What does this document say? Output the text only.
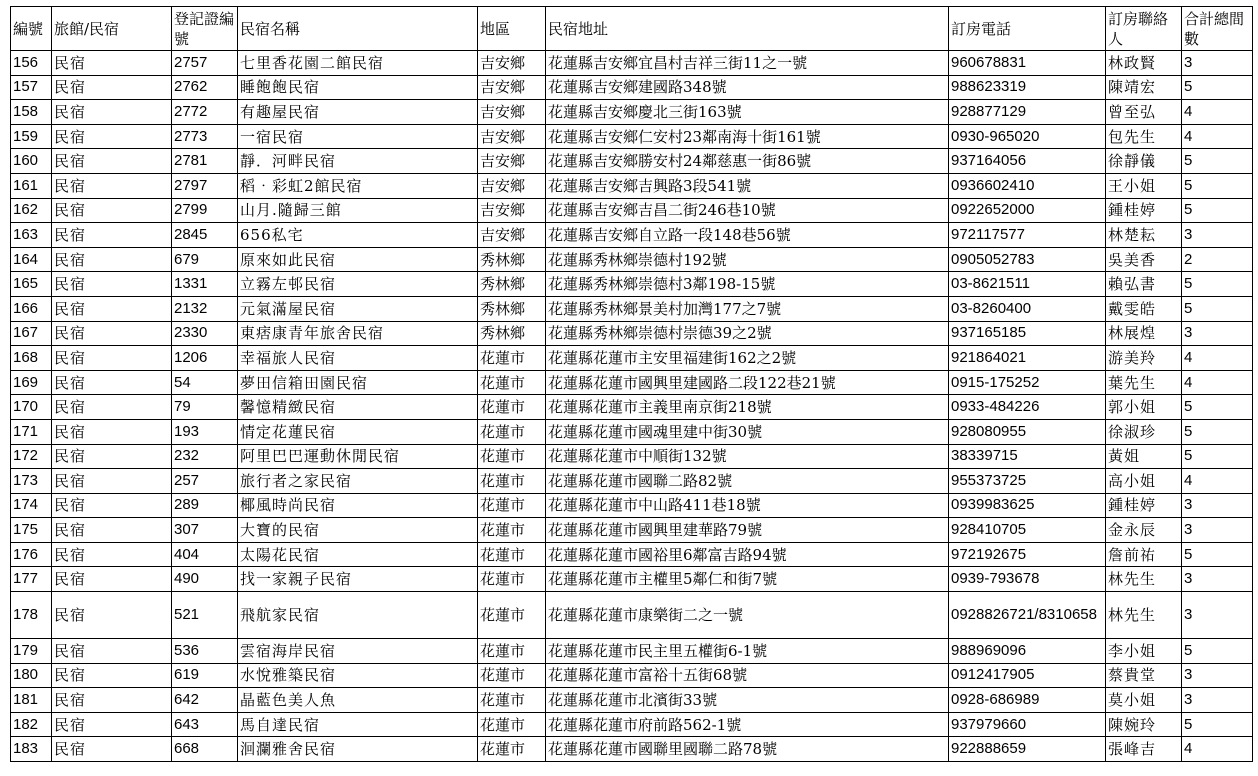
編號	旅館/民宿	登記證編號	民宿名稱	地區	民宿地址	訂房電話	訂房聯絡人	合計總間數
156	民宿	2757	七里香花園二館民宿	吉安鄉	花蓮縣吉安鄉宜昌村吉祥三街11之一號	960678831	林政賢	3
157	民宿	2762	睡飽飽民宿	吉安鄉	花蓮縣吉安鄉建國路348號	988623319	陳靖宏	5
158	民宿	2772	有趣屋民宿	吉安鄉	花蓮縣吉安鄉慶北三街163號	928877129	曾至弘	4
159	民宿	2773	一宿民宿	吉安鄉	花蓮縣吉安鄉仁安村23鄰南海十街161號	0930-965020	包先生	4
160	民宿	2781	靜．河畔民宿	吉安鄉	花蓮縣吉安鄉勝安村24鄰慈惠一街86號	937164056	徐靜儀	5
161	民宿	2797	稻‧彩虹2館民宿	吉安鄉	花蓮縣吉安鄉吉興路3段541號	0936602410	王小姐	5
162	民宿	2799	山月.隨歸三館	吉安鄉	花蓮縣吉安鄉吉昌二街246巷10號	0922652000	鍾桂婷	5
163	民宿	2845	656私宅	吉安鄉	花蓮縣吉安鄉自立路一段148巷56號	972117577	林楚耘	3
164	民宿	679	原來如此民宿	秀林鄉	花蓮縣秀林鄉崇德村192號	0905052783	吳美香	2
165	民宿	1331	立霧左邨民宿	秀林鄉	花蓮縣秀林鄉崇德村3鄰198-15號	03-8621511	賴弘書	5
166	民宿	2132	元氣滿屋民宿	秀林鄉	花蓮縣秀林鄉景美村加灣177之7號	03-8260400	戴雯皓	5
167	民宿	2330	東痞康青年旅舍民宿	秀林鄉	花蓮縣秀林鄉崇德村崇德39之2號	937165185	林展煌	3
168	民宿	1206	幸福旅人民宿	花蓮市	花蓮縣花蓮市主安里福建街162之2號	921864021	游美羚	4
169	民宿	54	夢田信箱田園民宿	花蓮市	花蓮縣花蓮市國興里建國路二段122巷21號	0915-175252	葉先生	4
170	民宿	79	馨憶精緻民宿	花蓮市	花蓮縣花蓮市主義里南京街218號	0933-484226	郭小姐	5
171	民宿	193	情定花蓮民宿	花蓮市	花蓮縣花蓮市國魂里建中街30號	928080955	徐淑珍	5
172	民宿	232	阿里巴巴運動休閒民宿	花蓮市	花蓮縣花蓮市中順街132號	38339715	黃姐	5
173	民宿	257	旅行者之家民宿	花蓮市	花蓮縣花蓮市國聯二路82號	955373725	高小姐	4
174	民宿	289	椰風時尚民宿	花蓮市	花蓮縣花蓮市中山路411巷18號	0939983625	鍾桂婷	3
175	民宿	307	大寶的民宿	花蓮市	花蓮縣花蓮市國興里建華路79號	928410705	金永辰	3
176	民宿	404	太陽花民宿	花蓮市	花蓮縣花蓮市國裕里6鄰富吉路94號	972192675	詹前祐	5
177	民宿	490	找一家親子民宿	花蓮市	花蓮縣花蓮市主權里5鄰仁和街7號	0939-793678	林先生	3
178	民宿	521	飛航家民宿	花蓮市	花蓮縣花蓮市康樂街二之一號	0928826721/8310658	林先生	3
179	民宿	536	雲宿海岸民宿	花蓮市	花蓮縣花蓮市民主里五權街6-1號	988969096	李小姐	5
180	民宿	619	水悅雅築民宿	花蓮市	花蓮縣花蓮市富裕十五街68號	0912417905	蔡貴堂	3
181	民宿	642	晶藍色美人魚	花蓮市	花蓮縣花蓮市北濱街33號	0928-686989	莫小姐	3
182	民宿	643	馬自達民宿	花蓮市	花蓮縣花蓮市府前路562-1號	937979660	陳婉玲	5
183	民宿	668	洄瀾雅舍民宿	花蓮市	花蓮縣花蓮市國聯里國聯二路78號	922888659	張峰吉	4
